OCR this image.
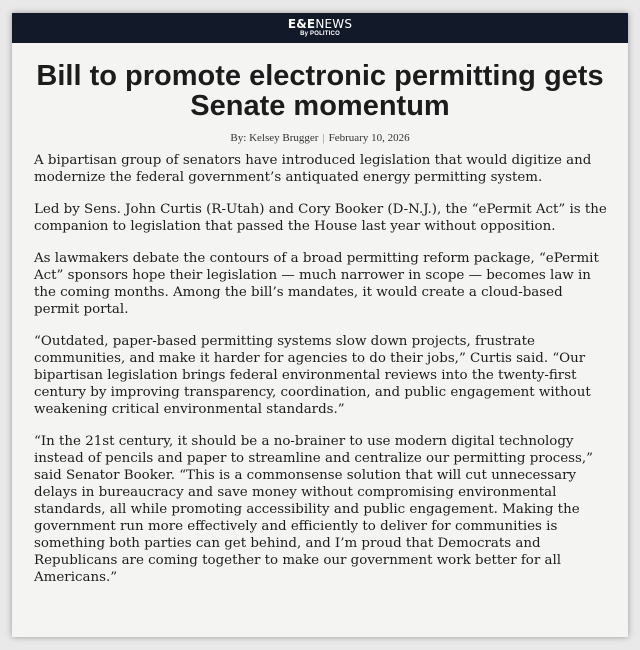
E&ENEWS
By POLITICO
Bill to promote electronic permitting gets Senate momentum
By: Kelsey Brugger | February 10, 2026

A bipartisan group of senators have introduced legislation that would digitize and modernize the federal government’s antiquated energy permitting system.

Led by Sens. John Curtis (R-Utah) and Cory Booker (D-N.J.), the “ePermit Act” is the companion to legislation that passed the House last year without opposition.

As lawmakers debate the contours of a broad permitting reform package, “ePermit Act” sponsors hope their legislation — much narrower in scope — becomes law in the coming months. Among the bill’s mandates, it would create a cloud-based permit portal.

“Outdated, paper-based permitting systems slow down projects, frustrate communities, and make it harder for agencies to do their jobs,” Curtis said. “Our bipartisan legislation brings federal environmental reviews into the twenty-first century by improving transparency, coordination, and public engagement without weakening critical environmental standards.”

“In the 21st century, it should be a no-brainer to use modern digital technology instead of pencils and paper to streamline and centralize our permitting process,” said Senator Booker. “This is a commonsense solution that will cut unnecessary delays in bureaucracy and save money without compromising environmental standards, all while promoting accessibility and public engagement. Making the government run more effectively and efficiently to deliver for communities is something both parties can get behind, and I’m proud that Democrats and Republicans are coming together to make our government work better for all Americans.”
